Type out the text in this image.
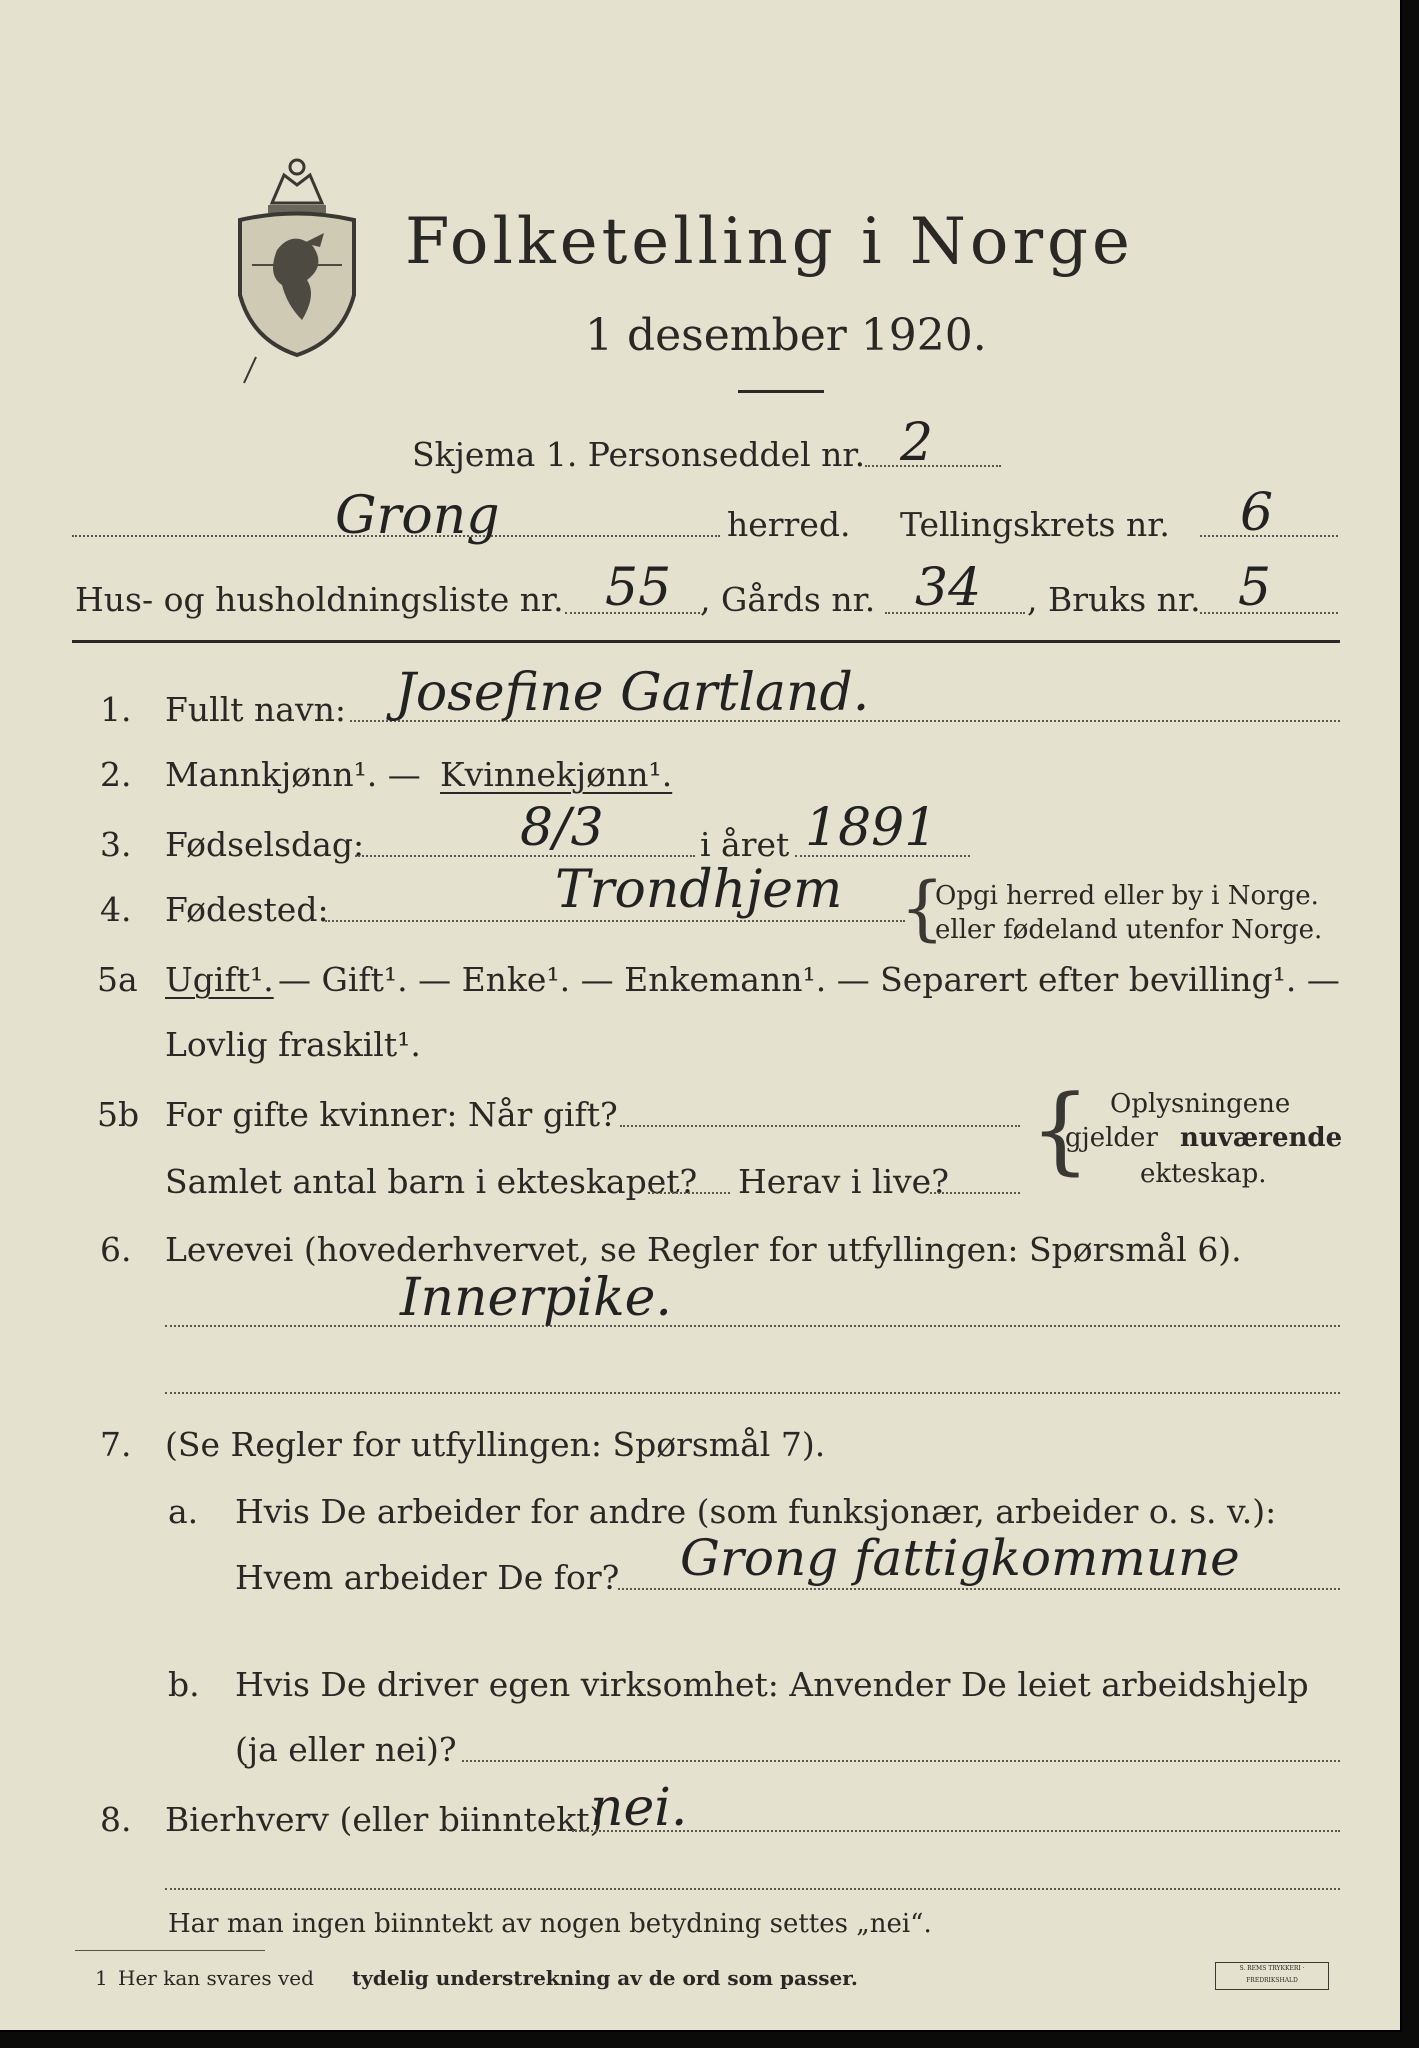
Folketelling i Norge
1 desember 1920.
Skjema 1. Personseddel nr. 2
Grong	herred. Tellingskrets nr. 6
Hus- og husholdningsliste nr. 55 , Gårds nr. 34 , Bruks nr. 5
1. Fullt navn: Josefine Gartland.
2. Mannkjønn¹. — Kvinnekjønn¹.
3. Fødselsdag:	8/3	i året 1891
4. Fødested:	Trondhjem {
Opgi herred eller by i Norge.
eller fødeland utenfor Norge.
5a Ugift¹. — Gift¹. — Enke¹. — Enkemann¹. — Separert efter bevilling¹. —
Lovlig fraskilt¹.
5b For gifte kvinner: Når gift?
Samlet antal barn i ekteskapet? Herav i live? { Oplysningene
gjelder nuværende
ekteskap.
6. Levevei (hovederhvervet, se Regler for utfyllingen: Spørsmål 6).
Innerpike.
7. (Se Regler for utfyllingen: Spørsmål 7).
a. Hvis De arbeider for andre (som funksjonær, arbeider o. s. v.):
Hvem arbeider De for? Grong fattigkommune
b. Hvis De driver egen virksomhet: Anvender De leiet arbeidshjelp
(ja eller nei)?
8. Bierhverv (eller biinntekt)
nei.
Har man ingen biinntekt av nogen betydning settes „nei“.
1 Her kan svares ved tydelig understrekning av de ord som passer.	S. REMS TRYKKERI · FREDRIKSHALD
